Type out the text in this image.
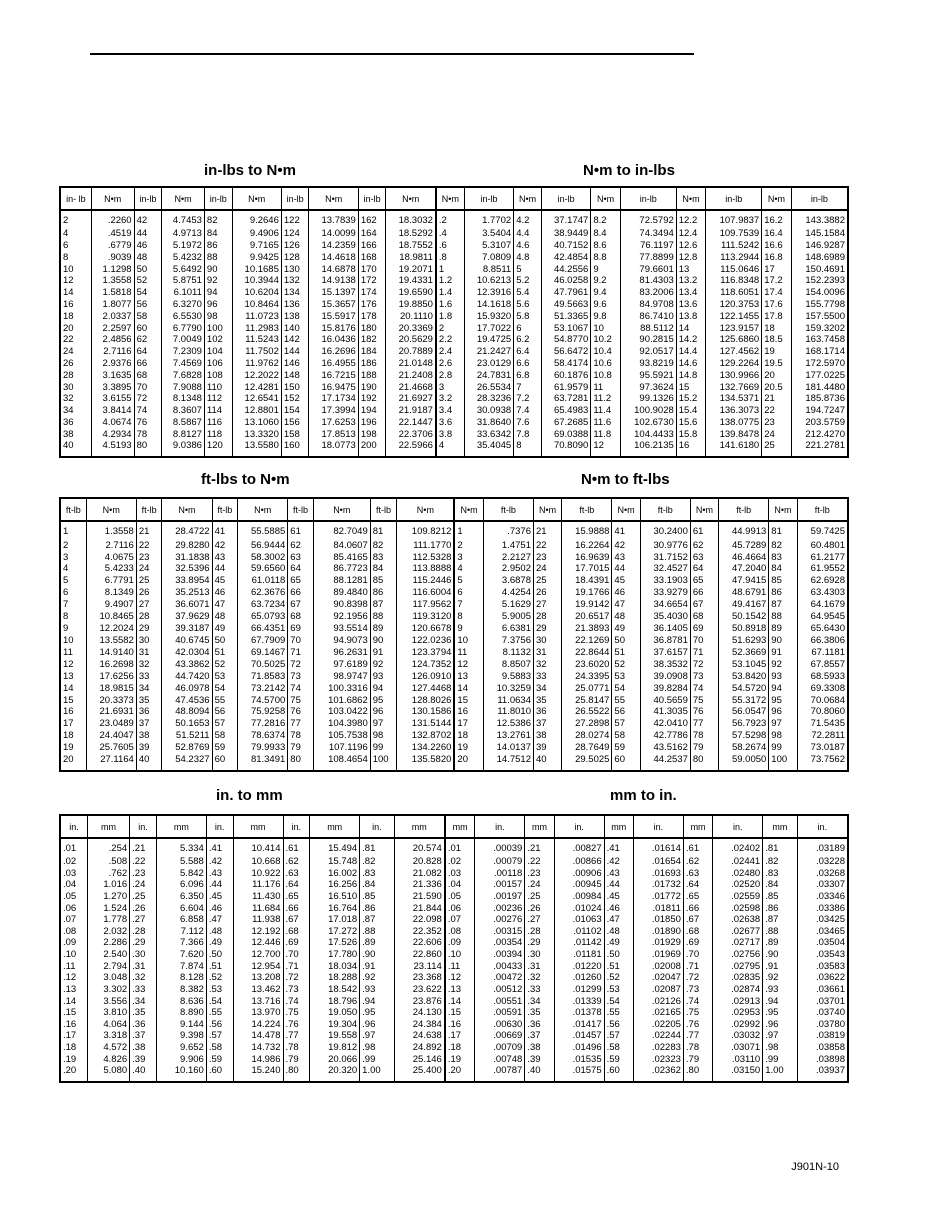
in-lbs to N•m	N•m to in-lbs
in- lb	N•m	in-lb	N•m	in-lb	N•m	in-lb	N•m	in-lb	N•m	N•m	in-lb	N•m	in-lb	N•m	in-lb	N•m	in-lb	N•m	in-lb
2	.2260	42	4.7453	82	9.2646	122	13.7839	162	18.3032	.2	1.7702	4.2	37.1747	8.2	72.5792	12.2	107.9837	16.2	143.3882
4	.4519	44	4.9713	84	9.4906	124	14.0099	164	18.5292	.4	3.5404	4.4	38.9449	8.4	74.3494	12.4	109.7539	16.4	145.1584
6	.6779	46	5.1972	86	9.7165	126	14.2359	166	18.7552	.6	5.3107	4.6	40.7152	8.6	76.1197	12.6	111.5242	16.6	146.9287
8	.9039	48	5.4232	88	9.9425	128	14.4618	168	18.9811	.8	7.0809	4.8	42.4854	8.8	77.8899	12.8	113.2944	16.8	148.6989
10	1.1298	50	5.6492	90	10.1685	130	14.6878	170	19.2071	1	8.8511	5	44.2556	9	79.6601	13	115.0646	17	150.4691
12	1.3558	52	5.8751	92	10.3944	132	14.9138	172	19.4331	1.2	10.6213	5.2	46.0258	9.2	81.4303	13.2	116.8348	17.2	152.2393
14	1.5818	54	6.1011	94	10.6204	134	15.1397	174	19.6590	1.4	12.3916	5.4	47.7961	9.4	83.2006	13.4	118.6051	17.4	154.0096
16	1.8077	56	6.3270	96	10.8464	136	15.3657	176	19.8850	1.6	14.1618	5.6	49.5663	9.6	84.9708	13.6	120.3753	17.6	155.7798
18	2.0337	58	6.5530	98	11.0723	138	15.5917	178	20.1110	1.8	15.9320	5.8	51.3365	9.8	86.7410	13.8	122.1455	17.8	157.5500
20	2.2597	60	6.7790	100	11.2983	140	15.8176	180	20.3369	2	17.7022	6	53.1067	10	88.5112	14	123.9157	18	159.3202
22	2.4856	62	7.0049	102	11.5243	142	16.0436	182	20.5629	2.2	19.4725	6.2	54.8770	10.2	90.2815	14.2	125.6860	18.5	163.7458
24	2.7116	64	7.2309	104	11.7502	144	16.2696	184	20.7889	2.4	21.2427	6.4	56.6472	10.4	92.0517	14.4	127.4562	19	168.1714
26	2.9376	66	7.4569	106	11.9762	146	16.4955	186	21.0148	2.6	23.0129	6.6	58.4174	10.6	93.8219	14.6	129.2264	19.5	172.5970
28	3.1635	68	7.6828	108	12.2022	148	16.7215	188	21.2408	2.8	24.7831	6.8	60.1876	10.8	95.5921	14.8	130.9966	20	177.0225
30	3.3895	70	7.9088	110	12.4281	150	16.9475	190	21.4668	3	26.5534	7	61.9579	11	97.3624	15	132.7669	20.5	181.4480
32	3.6155	72	8.1348	112	12.6541	152	17.1734	192	21.6927	3.2	28.3236	7.2	63.7281	11.2	99.1326	15.2	134.5371	21	185.8736
34	3.8414	74	8.3607	114	12.8801	154	17.3994	194	21.9187	3.4	30.0938	7.4	65.4983	11.4	100.9028	15.4	136.3073	22	194.7247
36	4.0674	76	8.5867	116	13.1060	156	17.6253	196	22.1447	3.6	31.8640	7.6	67.2685	11.6	102.6730	15.6	138.0775	23	203.5759
38	4.2934	78	8.8127	118	13.3320	158	17.8513	198	22.3706	3.8	33.6342	7.8	69.0388	11.8	104.4433	15.8	139.8478	24	212.4270
40	4.5193	80	9.0386	120	13.5580	160	18.0773	200	22.5966	4	35.4045	8	70.8090	12	106.2135	16	141.6180	25	221.2781
ft-lbs to N•m	N•m to ft-lbs
ft-lb	N•m	ft-lb	N•m	ft-lb	N•m	ft-lb	N•m	ft-lb	N•m	N•m	ft-lb	N•m	ft-lb	N•m	ft-lb	N•m	ft-lb	N•m	ft-lb
1	1.3558	21	28.4722	41	55.5885	61	82.7049	81	109.8212	1	.7376	21	15.9888	41	30.2400	61	44.9913	81	59.7425
2	2.7116	22	29.8280	42	56.9444	62	84.0607	82	111.1770	2	1.4751	22	16.2264	42	30.9776	62	45.7289	82	60.4801
3	4.0675	23	31.1838	43	58.3002	63	85.4165	83	112.5328	3	2.2127	23	16.9639	43	31.7152	63	46.4664	83	61.2177
4	5.4233	24	32.5396	44	59.6560	64	86.7723	84	113.8888	4	2.9502	24	17.7015	44	32.4527	64	47.2040	84	61.9552
5	6.7791	25	33.8954	45	61.0118	65	88.1281	85	115.2446	5	3.6878	25	18.4391	45	33.1903	65	47.9415	85	62.6928
6	8.1349	26	35.2513	46	62.3676	66	89.4840	86	116.6004	6	4.4254	26	19.1766	46	33.9279	66	48.6791	86	63.4303
7	9.4907	27	36.6071	47	63.7234	67	90.8398	87	117.9562	7	5.1629	27	19.9142	47	34.6654	67	49.4167	87	64.1679
8	10.8465	28	37.9629	48	65.0793	68	92.1956	88	119.3120	8	5.9005	28	20.6517	48	35.4030	68	50.1542	88	64.9545
9	12.2024	29	39.3187	49	66.4351	69	93.5514	89	120.6678	9	6.6381	29	21.3893	49	36.1405	69	50.8918	89	65.6430
10	13.5582	30	40.6745	50	67.7909	70	94.9073	90	122.0236	10	7.3756	30	22.1269	50	36.8781	70	51.6293	90	66.3806
11	14.9140	31	42.0304	51	69.1467	71	96.2631	91	123.3794	11	8.1132	31	22.8644	51	37.6157	71	52.3669	91	67.1181
12	16.2698	32	43.3862	52	70.5025	72	97.6189	92	124.7352	12	8.8507	32	23.6020	52	38.3532	72	53.1045	92	67.8557
13	17.6256	33	44.7420	53	71.8583	73	98.9747	93	126.0910	13	9.5883	33	24.3395	53	39.0908	73	53.8420	93	68.5933
14	18.9815	34	46.0978	54	73.2142	74	100.3316	94	127.4468	14	10.3259	34	25.0771	54	39.8284	74	54.5720	94	69.3308
15	20.3373	35	47.4536	55	74.5700	75	101.6862	95	128.8026	15	11.0634	35	25.8147	55	40.5659	75	55.3172	95	70.0684
16	21.6931	36	48.8094	56	75.9258	76	103.0422	96	130.1586	16	11.8010	36	26.5522	56	41.3035	76	56.0547	96	70.8060
17	23.0489	37	50.1653	57	77.2816	77	104.3980	97	131.5144	17	12.5386	37	27.2898	57	42.0410	77	56.7923	97	71.5435
18	24.4047	38	51.5211	58	78.6374	78	105.7538	98	132.8702	18	13.2761	38	28.0274	58	42.7786	78	57.5298	98	72.2811
19	25.7605	39	52.8769	59	79.9933	79	107.1196	99	134.2260	19	14.0137	39	28.7649	59	43.5162	79	58.2674	99	73.0187
20	27.1164	40	54.2327	60	81.3491	80	108.4654	100	135.5820	20	14.7512	40	29.5025	60	44.2537	80	59.0050	100	73.7562
in. to mm	mm to in.
in.	mm	in.	mm	in.	mm	in.	mm	in.	mm	mm	in.	mm	in.	mm	in.	mm	in.	mm	in.
.01	.254	.21	5.334	.41	10.414	.61	15.494	.81	20.574	.01	.00039	.21	.00827	.41	.01614	.61	.02402	.81	.03189
.02	.508	.22	5.588	.42	10.668	.62	15.748	.82	20.828	.02	.00079	.22	.00866	.42	.01654	.62	.02441	.82	.03228
.03	.762	.23	5.842	.43	10.922	.63	16.002	.83	21.082	.03	.00118	.23	.00906	.43	.01693	.63	.02480	.83	.03268
.04	1.016	.24	6.096	.44	11.176	.64	16.256	.84	21.336	.04	.00157	.24	.00945	.44	.01732	.64	.02520	.84	.03307
.05	1.270	.25	6.350	.45	11.430	.65	16.510	.85	21.590	.05	.00197	.25	.00984	.45	.01772	.65	.02559	.85	.03346
.06	1.524	.26	6.604	.46	11.684	.66	16.764	.86	21.844	.06	.00236	.26	.01024	.46	.01811	.66	.02598	.86	.03386
.07	1.778	.27	6.858	.47	11.938	.67	17.018	.87	22.098	.07	.00276	.27	.01063	.47	.01850	.67	.02638	.87	.03425
.08	2.032	.28	7.112	.48	12.192	.68	17.272	.88	22.352	.08	.00315	.28	.01102	.48	.01890	.68	.02677	.88	.03465
.09	2.286	.29	7.366	.49	12.446	.69	17.526	.89	22.606	.09	.00354	.29	.01142	.49	.01929	.69	.02717	.89	.03504
.10	2.540	.30	7.620	.50	12.700	.70	17.780	.90	22.860	.10	.00394	.30	.01181	.50	.01969	.70	.02756	.90	.03543
.11	2.794	.31	7.874	.51	12.954	.71	18.034	.91	23.114	.11	.00433	.31	.01220	.51	.02008	.71	.02795	.91	.03583
.12	3.048	.32	8.128	.52	13.208	.72	18.288	.92	23.368	.12	.00472	.32	.01260	.52	.02047	.72	.02835	.92	.03622
.13	3.302	.33	8.382	.53	13.462	.73	18.542	.93	23.622	.13	.00512	.33	.01299	.53	.02087	.73	.02874	.93	.03661
.14	3.556	.34	8.636	.54	13.716	.74	18.796	.94	23.876	.14	.00551	.34	.01339	.54	.02126	.74	.02913	.94	.03701
.15	3.810	.35	8.890	.55	13.970	.75	19.050	.95	24.130	.15	.00591	.35	.01378	.55	.02165	.75	.02953	.95	.03740
.16	4.064	.36	9.144	.56	14.224	.76	19.304	.96	24.384	.16	.00630	.36	.01417	.56	.02205	.76	.02992	.96	.03780
.17	3.318	.37	9.398	.57	14.478	.77	19.558	.97	24.638	.17	.00669	.37	.01457	.57	.02244	.77	.03032	.97	.03819
.18	4.572	.38	9.652	.58	14.732	.78	19.812	.98	24.892	.18	.00709	.38	.01496	.58	.02283	.78	.03071	.98	.03858
.19	4.826	.39	9.906	.59	14.986	.79	20.066	.99	25.146	.19	.00748	.39	.01535	.59	.02323	.79	.03110	.99	.03898
.20	5.080	.40	10.160	.60	15.240	.80	20.320	1.00	25.400	.20	.00787	.40	.01575	.60	.02362	.80	.03150	1.00	.03937
J901N-10
